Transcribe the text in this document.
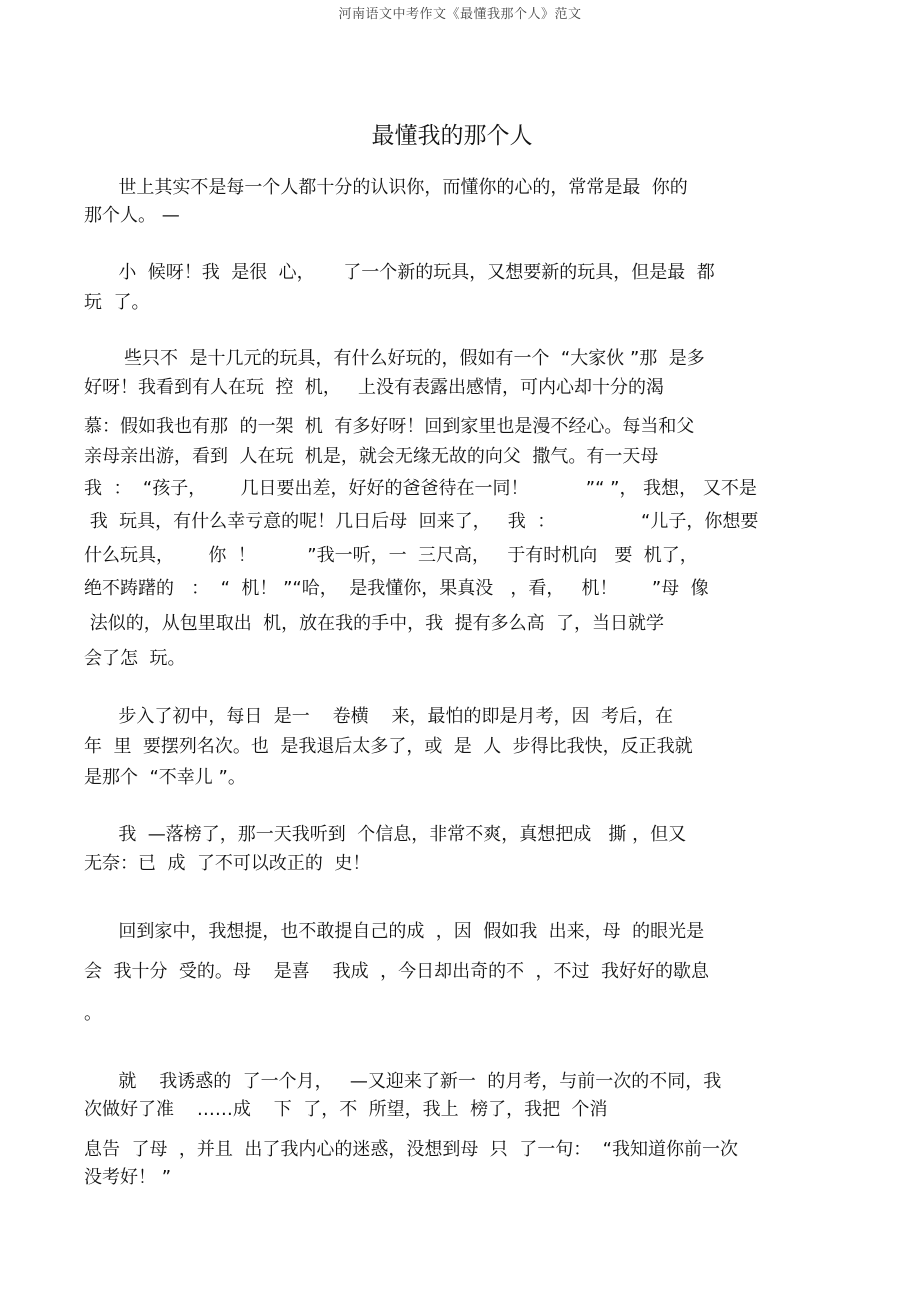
河南语文中考作文《最懂我那个人》范文
最懂我的那个人
世上其实不是每一个人都十分的认识你，而懂你的心的，常常是最  你的
那个人。 —
小  候呀！我  是很  心，     了一个新的玩具，又想要新的玩具，但是最  都
玩  了。
些只不  是十几元的玩具，有什么好玩的，假如有一个  “大家伙 ”那  是多
好呀！我看到有人在玩  控  机，   上没有表露出感情，可内心却十分的渴
慕：假如我也有那  的一架  机  有多好呀！回到家里也是漫不经心。每当和父
亲母亲出游，看到  人在玩  机是，就会无缘无故的向父  撒气。有一天母
我  ：  “孩子，      几日要出差，好好的爸爸待在一同！          ”“ ”， 我想， 又不是
我  玩具，有什么幸亏意的呢！几日后母  回来了，   我  ：               “儿子，你想要
什么玩具，      你  ！         ”我一听，一  三尺高，   于有时机向   要  机了，
绝不踌躇的   ：  “  机！ ”“哈，  是我懂你，果真没   ，看，   机！      ”母  像
法似的，从包里取出  机，放在我的手中，我  提有多么高  了，当日就学
会了怎  玩。
步入了初中，每日  是一    卷横    来，最怕的即是月考，因  考后，在
年  里  要摆列名次。也  是我退后太多了，或  是  人  步得比我快，反正我就
是那个  “不幸儿 ”。
我  —落榜了，那一天我听到  个信息，非常不爽，真想把成   撕 ，但又
无奈：已  成  了不可以改正的  史！
回到家中，我想提，也不敢提自己的成  ，因  假如我  出来，母  的眼光是
会  我十分  受的。母    是喜    我成  ，今日却出奇的不  ，不过  我好好的歇息
。
就    我诱惑的  了一个月，   —又迎来了新一  的月考，与前一次的不同，我
次做好了准    ……成    下  了，不  所望，我上  榜了，我把  个消
息告  了母  ，并且  出了我内心的迷惑，没想到母  只  了一句：  “我知道你前一次
没考好！ ”
